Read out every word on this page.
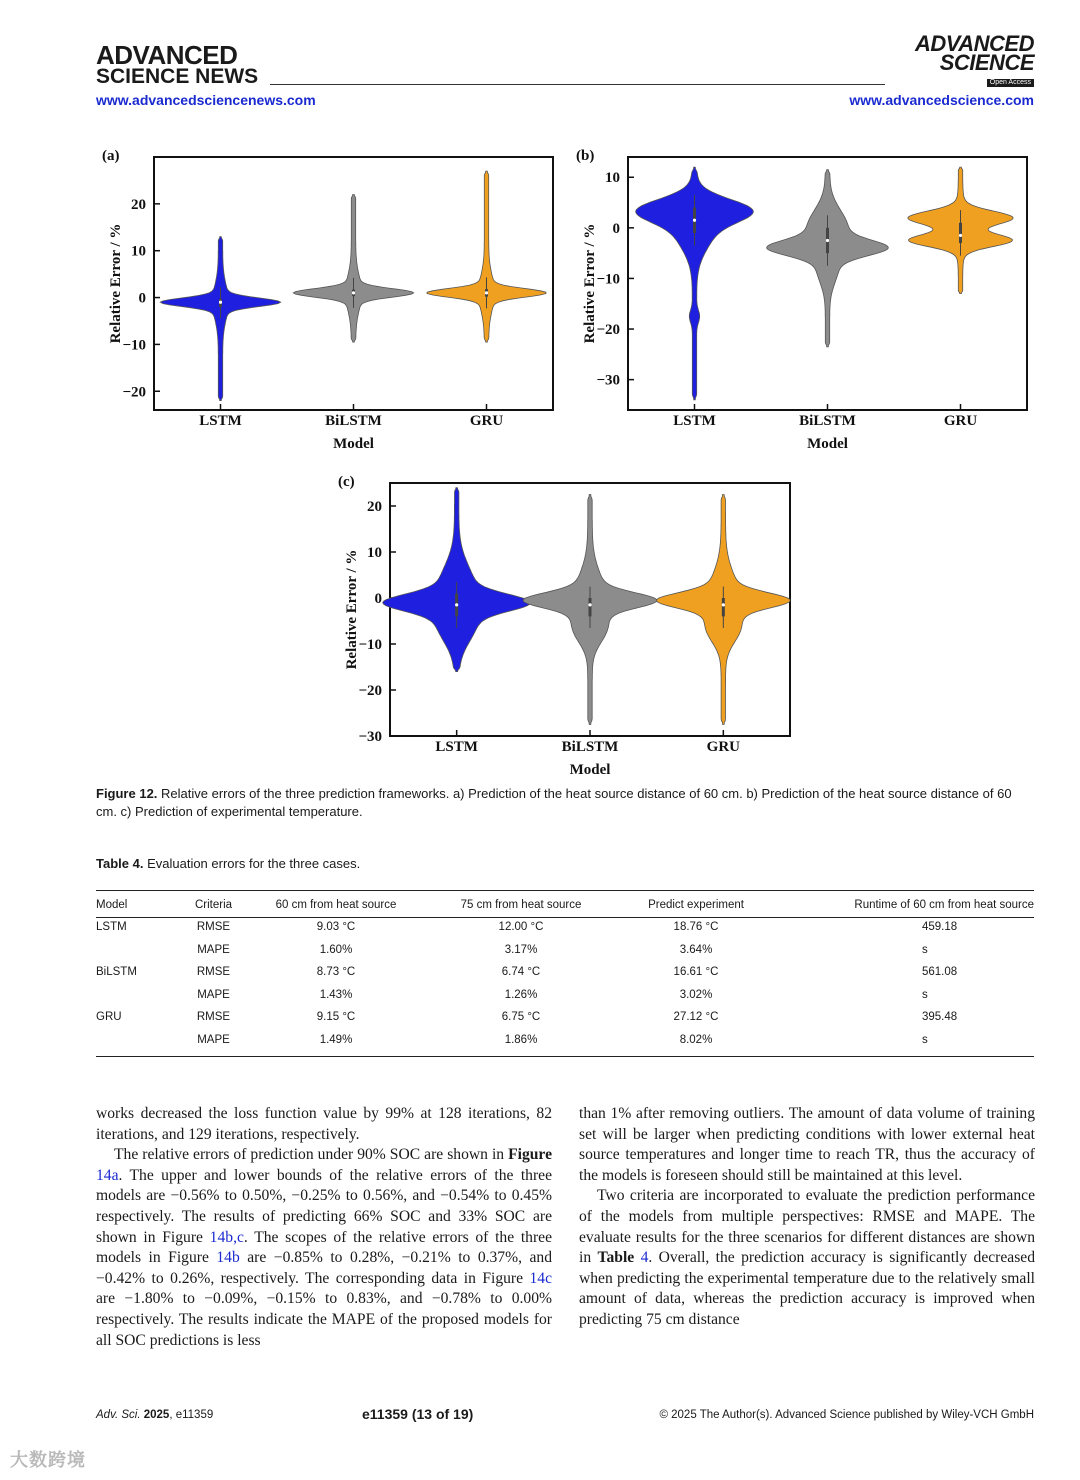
ADVANCED
SCIENCE NEWS
ADVANCED
SCIENCE
Open Access
www.advancedsciencenews.com	www.advancedscience.com
(a)
−20
−10
0
10
20
Relative Error / %
Model
LSTM	BiLSTM	GRU
(b)
−30
−20
−10
0
10
Relative Error / %
Model
LSTM	BiLSTM	GRU
(c)
−30
−20
−10
0
10
20
Relative Error / %
Model
LSTM	BiLSTM	GRU
Figure 12. Relative errors of the three prediction frameworks. a) Prediction of the heat source distance of 60 cm. b) Prediction of the heat source distance of 60 cm. c) Prediction of experimental temperature.
Table 4. Evaluation errors for the three cases.
Model	Criteria	60 cm from heat source	75 cm from heat source	Predict experiment	Runtime of 60 cm from heat source
LSTM	RMSE	9.03 °C	12.00 °C	18.76 °C	459.18
	MAPE	1.60%	3.17%	3.64%	s
BiLSTM	RMSE	8.73 °C	6.74 °C	16.61 °C	561.08
	MAPE	1.43%	1.26%	3.02%	s
GRU	RMSE	9.15 °C	6.75 °C	27.12 °C	395.48
	MAPE	1.49%	1.86%	8.02%	s

works decreased the loss function value by 99% at 128 iterations, 82 iterations, and 129 iterations, respectively.

The relative errors of prediction under 90% SOC are shown in Figure 14a. The upper and lower bounds of the relative errors of the three models are −0.56% to 0.50%, −0.25% to 0.56%, and −0.54% to 0.45% respectively. The results of predicting 66% SOC and 33% SOC are shown in Figure 14b,c. The scopes of the relative errors of the three models in Figure 14b are −0.85% to 0.28%, −0.21% to 0.37%, and −0.42% to 0.26%, respectively. The corresponding data in Figure 14c are −1.80% to −0.09%, −0.15% to 0.83%, and −0.78% to 0.00% respectively. The results indicate the MAPE of the proposed models for all SOC predictions is less

than 1% after removing outliers. The amount of data volume of training set will be larger when predicting conditions with lower external heat source temperatures and longer time to reach TR, thus the accuracy of the models is foreseen should still be maintained at this level.

Two criteria are incorporated to evaluate the prediction performance of the models from multiple perspectives: RMSE and MAPE. The evaluate results for the three scenarios for different distances are shown in Table 4. Overall, the prediction accuracy is significantly decreased when predicting the experimental temperature due to the relatively small amount of data, whereas the prediction accuracy is improved when predicting 75 cm distance

Adv. Sci. 2025, e11359	e11359 (13 of 19)	© 2025 The Author(s). Advanced Science published by Wiley-VCH GmbH
大数跨境
